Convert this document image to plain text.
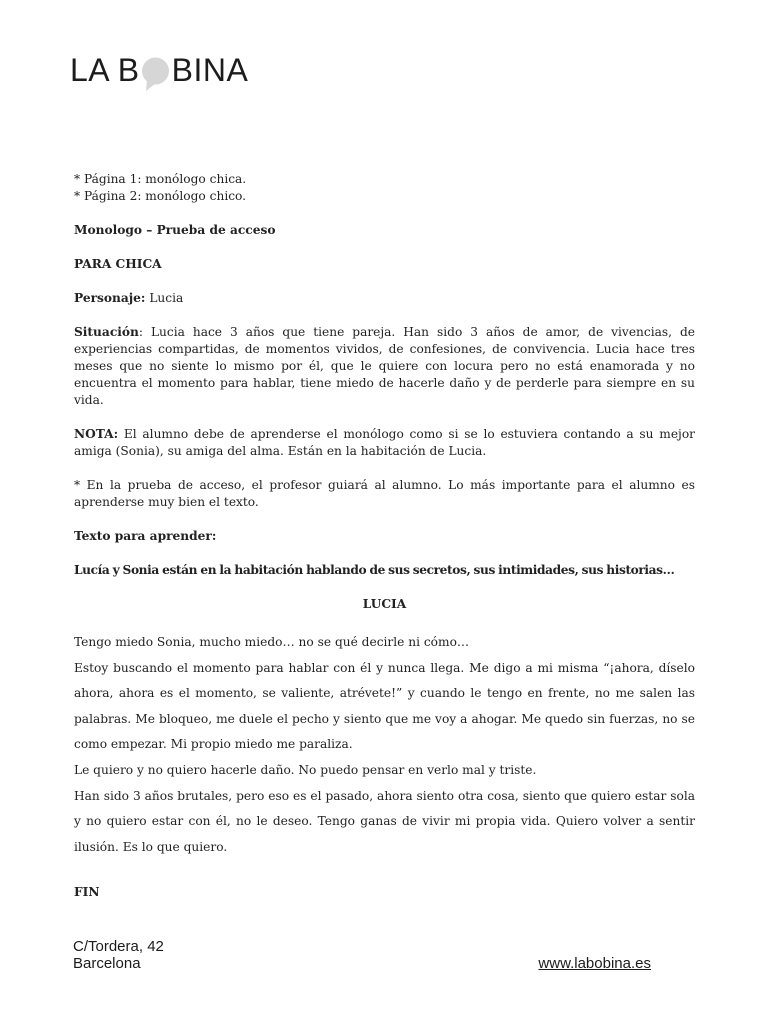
LA B BINA

* Página 1: monólogo chica.

* Página 2: monólogo chico.

Monologo – Prueba de acceso

PARA CHICA

Personaje: Lucia

Situación: Lucia hace 3 años que tiene pareja. Han sido 3 años de amor, de vivencias, de experiencias compartidas, de momentos vividos, de confesiones, de convivencia. Lucia hace tres meses que no siente lo mismo por él, que le quiere con locura pero no está enamorada y no encuentra el momento para hablar, tiene miedo de hacerle daño y de perderle para siempre en su vida.

NOTA: El alumno debe de aprenderse el monólogo como si se lo estuviera contando a su mejor amiga (Sonia), su amiga del alma. Están en la habitación de Lucia.

* En la prueba de acceso, el profesor guiará al alumno. Lo más importante para el alumno es aprenderse muy bien el texto.

Texto para aprender:

Lucía y Sonia están en la habitación hablando de sus secretos, sus intimidades, sus historias…

LUCIA

Tengo miedo Sonia, mucho miedo… no se qué decirle ni cómo…

Estoy buscando el momento para hablar con él y nunca llega. Me digo a mi misma “¡ahora, díselo ahora, ahora es el momento, se valiente, atrévete!” y cuando le tengo en frente, no me salen las palabras. Me bloqueo, me duele el pecho y siento que me voy a ahogar. Me quedo sin fuerzas, no se como empezar. Mi propio miedo me paraliza.

Le quiero y no quiero hacerle daño. No puedo pensar en verlo mal y triste.

Han sido 3 años brutales, pero eso es el pasado, ahora siento otra cosa, siento que quiero estar sola y no quiero estar con él, no le deseo. Tengo ganas de vivir mi propia vida. Quiero volver a sentir ilusión. Es lo que quiero.

FIN

C/Tordera, 42
Barcelona	www.labobina.es
